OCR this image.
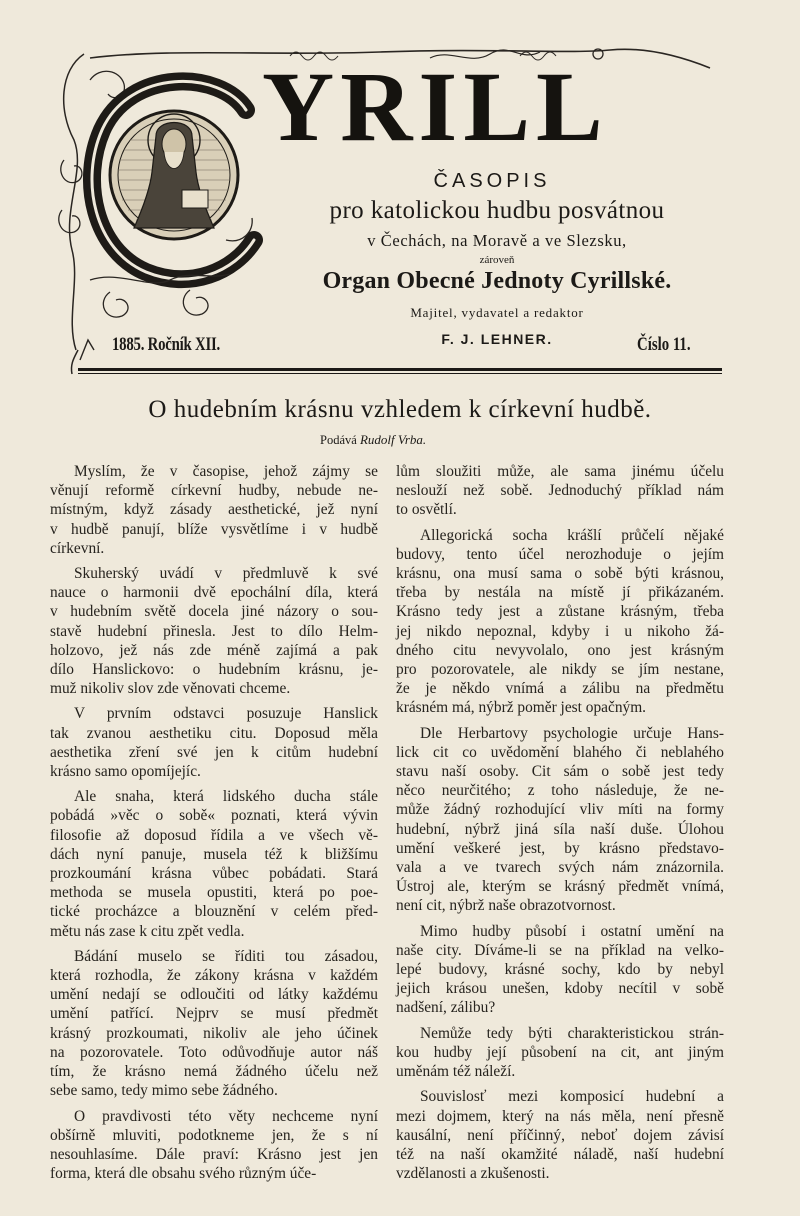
YRILL
ČASOPIS
pro katolickou hudbu posvátnou
v Čechách, na Moravě a ve Slezsku,
zároveň
Organ Obecné Jednoty Cyrillské.
Majitel, vydavatel a redaktor
1885. Ročník XII.	F. J. LEHNER.	Číslo 11.
O hudebním krásnu vzhledem k církevní hudbě.
Podává Rudolf Vrba.

Myslím, že v časopise, jehož zájmy se
věnují reformě církevní hudby, nebude ne-
místným, když zásady aesthetické, jež nyní
v hudbě panují, blíže vysvětlíme i v hudbě
církevní.

Skuherský uvádí v předmluvě k své
nauce o harmonii dvě epochální díla, která
v hudebním světě docela jiné názory o sou-
stavě hudební přinesla. Jest to dílo Helm-
holzovo, jež nás zde méně zajímá a pak
dílo Hanslickovo: o hudebním krásnu, je-
muž nikoliv slov zde věnovati chceme.

V prvním odstavci posuzuje Hanslick
tak zvanou aesthetiku citu. Doposud měla
aesthetika zření své jen k citům hudební
krásno samo opomíjejíc.

Ale snaha, která lidského ducha stále
pobádá »věc o sobě« poznati, která vývin
filosofie až doposud řídila a ve všech vě-
dách nyní panuje, musela též k bližšímu
prozkoumání krásna vůbec pobádati. Stará
methoda se musela opustiti, která po poe-
tické procházce a blouznění v celém před-
mětu nás zase k citu zpět vedla.

Bádání muselo se říditi tou zásadou,
která rozhodla, že zákony krásna v každém
umění nedají se odloučiti od látky každému
umění patřící. Nejprv se musí předmět
krásný prozkoumati, nikoliv ale jeho účinek
na pozorovatele. Toto odůvodňuje autor náš
tím, že krásno nemá žádného účelu než
sebe samo, tedy mimo sebe žádného.

O pravdivosti této věty nechceme nyní
obšírně mluviti, podotkneme jen, že s ní
nesouhlasíme. Dále praví: Krásno jest jen
forma, která dle obsahu svého různým úče-

lům sloužiti může, ale sama jinému účelu
neslouží než sobě. Jednoduchý příklad nám
to osvětlí.

Allegorická socha krášlí průčelí nějaké
budovy, tento účel nerozhoduje o jejím
krásnu, ona musí sama o sobě býti krásnou,
třeba by nestála na místě jí přikázaném.
Krásno tedy jest a zůstane krásným, třeba
jej nikdo nepoznal, kdyby i u nikoho žá-
dného citu nevyvolalo, ono jest krásným
pro pozorovatele, ale nikdy se jím nestane,
že je někdo vnímá a zálibu na předmětu
krásném má, nýbrž poměr jest opačným.

Dle Herbartovy psychologie určuje Hans-
lick cit co uvědomění blahého či neblahého
stavu naší osoby. Cit sám o sobě jest tedy
něco neurčitého; z toho následuje, že ne-
může žádný rozhodující vliv míti na formy
hudební, nýbrž jiná síla naší duše. Úlohou
umění veškeré jest, by krásno představo-
vala a ve tvarech svých nám znázornila.
Ústroj ale, kterým se krásný předmět vnímá,
není cit, nýbrž naše obrazotvornost.

Mimo hudby působí i ostatní umění na
naše city. Díváme-li se na příklad na velko-
lepé budovy, krásné sochy, kdo by nebyl
jejich krásou unešen, kdoby necítil v sobě
nadšení, zálibu?

Nemůže tedy býti charakteristickou strán-
kou hudby její působení na cit, ant jiným
uměnám též náleží.

Souvislosť mezi komposicí hudební a
mezi dojmem, který na nás měla, není přesně
kausální, není příčinný, neboť dojem závisí
též na naší okamžité náladě, naší hudební
vzdělanosti a zkušenosti.
